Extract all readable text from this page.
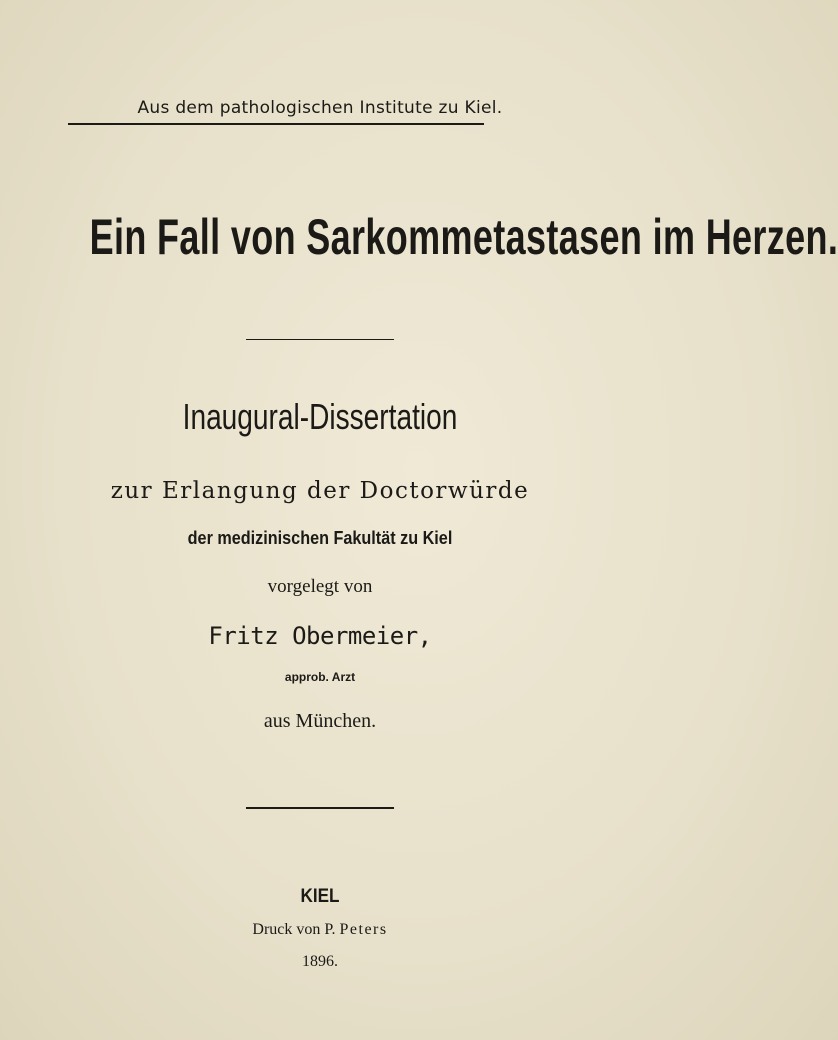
Aus dem pathologischen Institute zu Kiel.
Ein Fall von Sarkommetastasen im Herzen.
Inaugural-Dissertation
zur Erlangung der Doctorwürde
der medizinischen Fakultät zu Kiel
vorgelegt von
Fritz Obermeier,
approb. Arzt
aus München.
KIEL
Druck von P. Peters
1896.
